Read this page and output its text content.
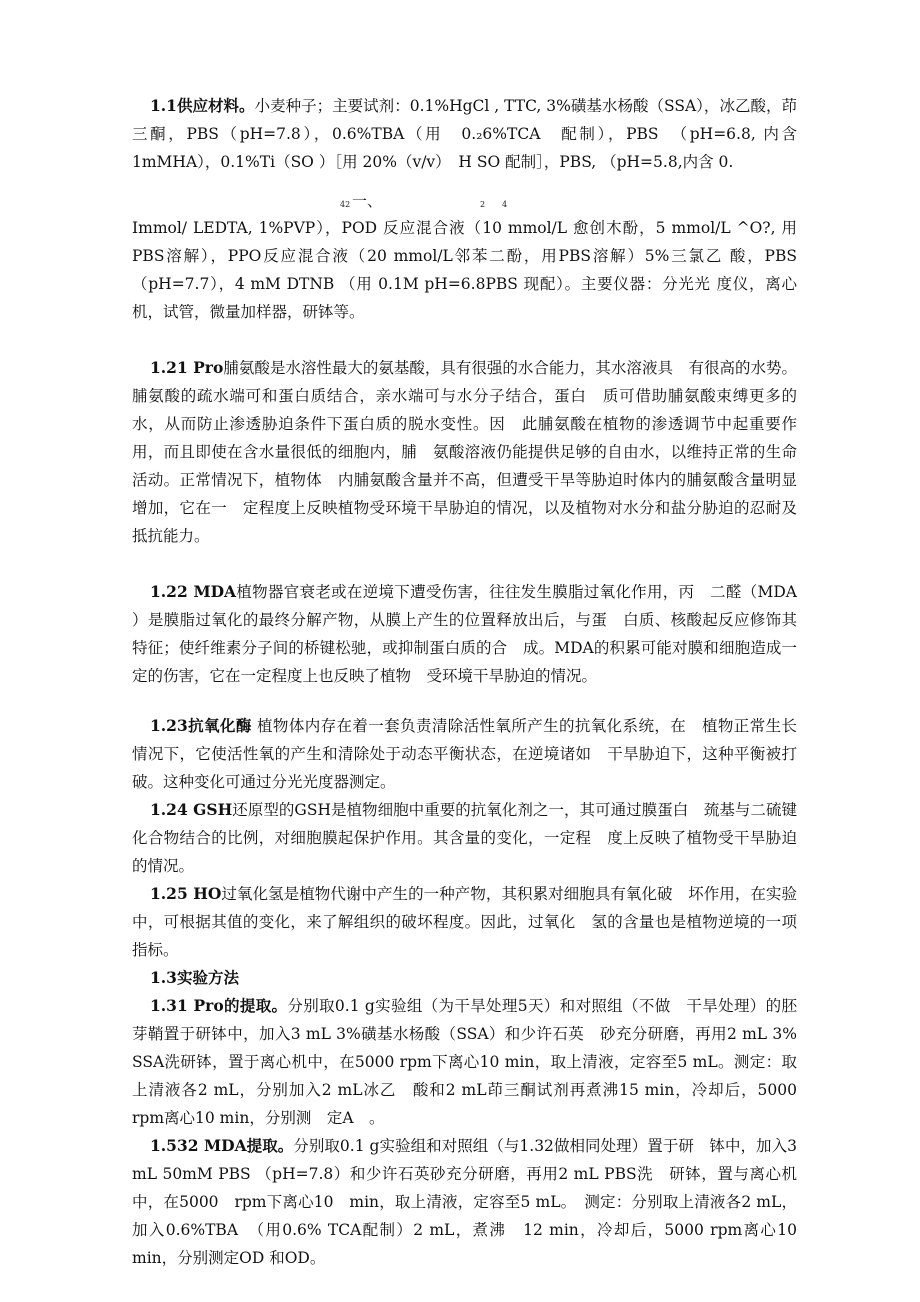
1.1供应材料。小麦种子；主要试剂：0.1%HgCl , TTC, 3%磺基水杨酸（SSA），冰乙酸，茚三酮，PBS（pH=7.8），0.6%TBA（用　0.₂6%TCA　配制），PBS　（pH=6.8, 内含 1mMHA），0.1%Ti（SO ）［用 20%（v/v）　H SO 配制］，PBS, （pH=5.8,内含 0.

42 一、	2 4

Immol/ LEDTA, 1%PVP），POD 反应混合液（10 mmol/L 愈创木酚，5 mmol/L ^O?, 用PBS溶解），PPO反应混合液（20 mmol/L邻苯二酚，用PBS溶解）5%三氯乙 酸，PBS（pH=7.7），4 mM DTNB （用 0.1M pH=6.8PBS 现配）。主要仪器：分光光 度仪，离心机，试管，微量加样器，研钵等。

1.21 Pro脯氨酸是水溶性最大的氨基酸，具有很强的水合能力，其水溶液具　有很高的水势。脯氨酸的疏水端可和蛋白质结合，亲水端可与水分子结合，蛋白　质可借助脯氨酸束缚更多的水，从而防止渗透胁迫条件下蛋白质的脱水变性。因　此脯氨酸在植物的渗透调节中起重要作用，而且即使在含水量很低的细胞内，脯　氨酸溶液仍能提供足够的自由水，以维持正常的生命活动。正常情况下，植物体　内脯氨酸含量并不高，但遭受干旱等胁迫时体内的脯氨酸含量明显增加，它在一　定程度上反映植物受环境干旱胁迫的情况，以及植物对水分和盐分胁迫的忍耐及　抵抗能力。

1.22 MDA植物器官衰老或在逆境下遭受伤害，往往发生膜脂过氧化作用，丙　二醛（MDA ）是膜脂过氧化的最终分解产物，从膜上产生的位置释放出后，与蛋　白质、核酸起反应修饰其特征；使纤维素分子间的桥键松驰，或抑制蛋白质的合　成。MDA的积累可能对膜和细胞造成一定的伤害，它在一定程度上也反映了植物　受环境干旱胁迫的情况。

1.23抗氧化酶 植物体内存在着一套负责清除活性氧所产生的抗氧化系统，在　植物正常生长情况下，它使活性氧的产生和清除处于动态平衡状态，在逆境诸如　干旱胁迫下，这种平衡被打破。这种变化可通过分光光度器测定。

1.24 GSH还原型的GSH是植物细胞中重要的抗氧化剂之一，其可通过膜蛋白　巯基与二硫键化合物结合的比例，对细胞膜起保护作用。其含量的变化，一定程　度上反映了植物受干旱胁迫的情况。

1.25 HO过氧化氢是植物代谢中产生的一种产物，其积累对细胞具有氧化破　坏作用，在实验中，可根据其值的变化，来了解组织的破坏程度。因此，过氧化　氢的含量也是植物逆境的一项指标。

1.3实验方法

1.31 Pro的提取。分别取0.1 g实验组（为干旱处理5天）和对照组（不做　干旱处理）的胚芽鞘置于研钵中，加入3 mL 3%磺基水杨酸（SSA）和少许石英　砂充分研磨，再用2 mL 3% SSA洗研钵，置于离心机中，在5000 rpm下离心10 min，取上清液，定容至5 mL。测定：取上清液各2 mL，分别加入2 mL冰乙　酸和2 mL茚三酮试剂再煮沸15 min，冷却后，5000 rpm离心10 min，分别测　定A　。

1.532 MDA提取。分别取0.1 g实验组和对照组（与1.32做相同处理）置于研　钵中，加入3 mL 50mM PBS （pH=7.8）和少许石英砂充分研磨，再用2 mL PBS洗　研钵，置与离心机中，在5000　rpm下离心10　min，取上清液，定容至5 mL。　测定：分别取上清液各2 mL，加入0.6%TBA　（用0.6% TCA配制）2 mL，煮沸　12 min，冷却后，5000 rpm离心10 min，分别测定OD 和OD。
